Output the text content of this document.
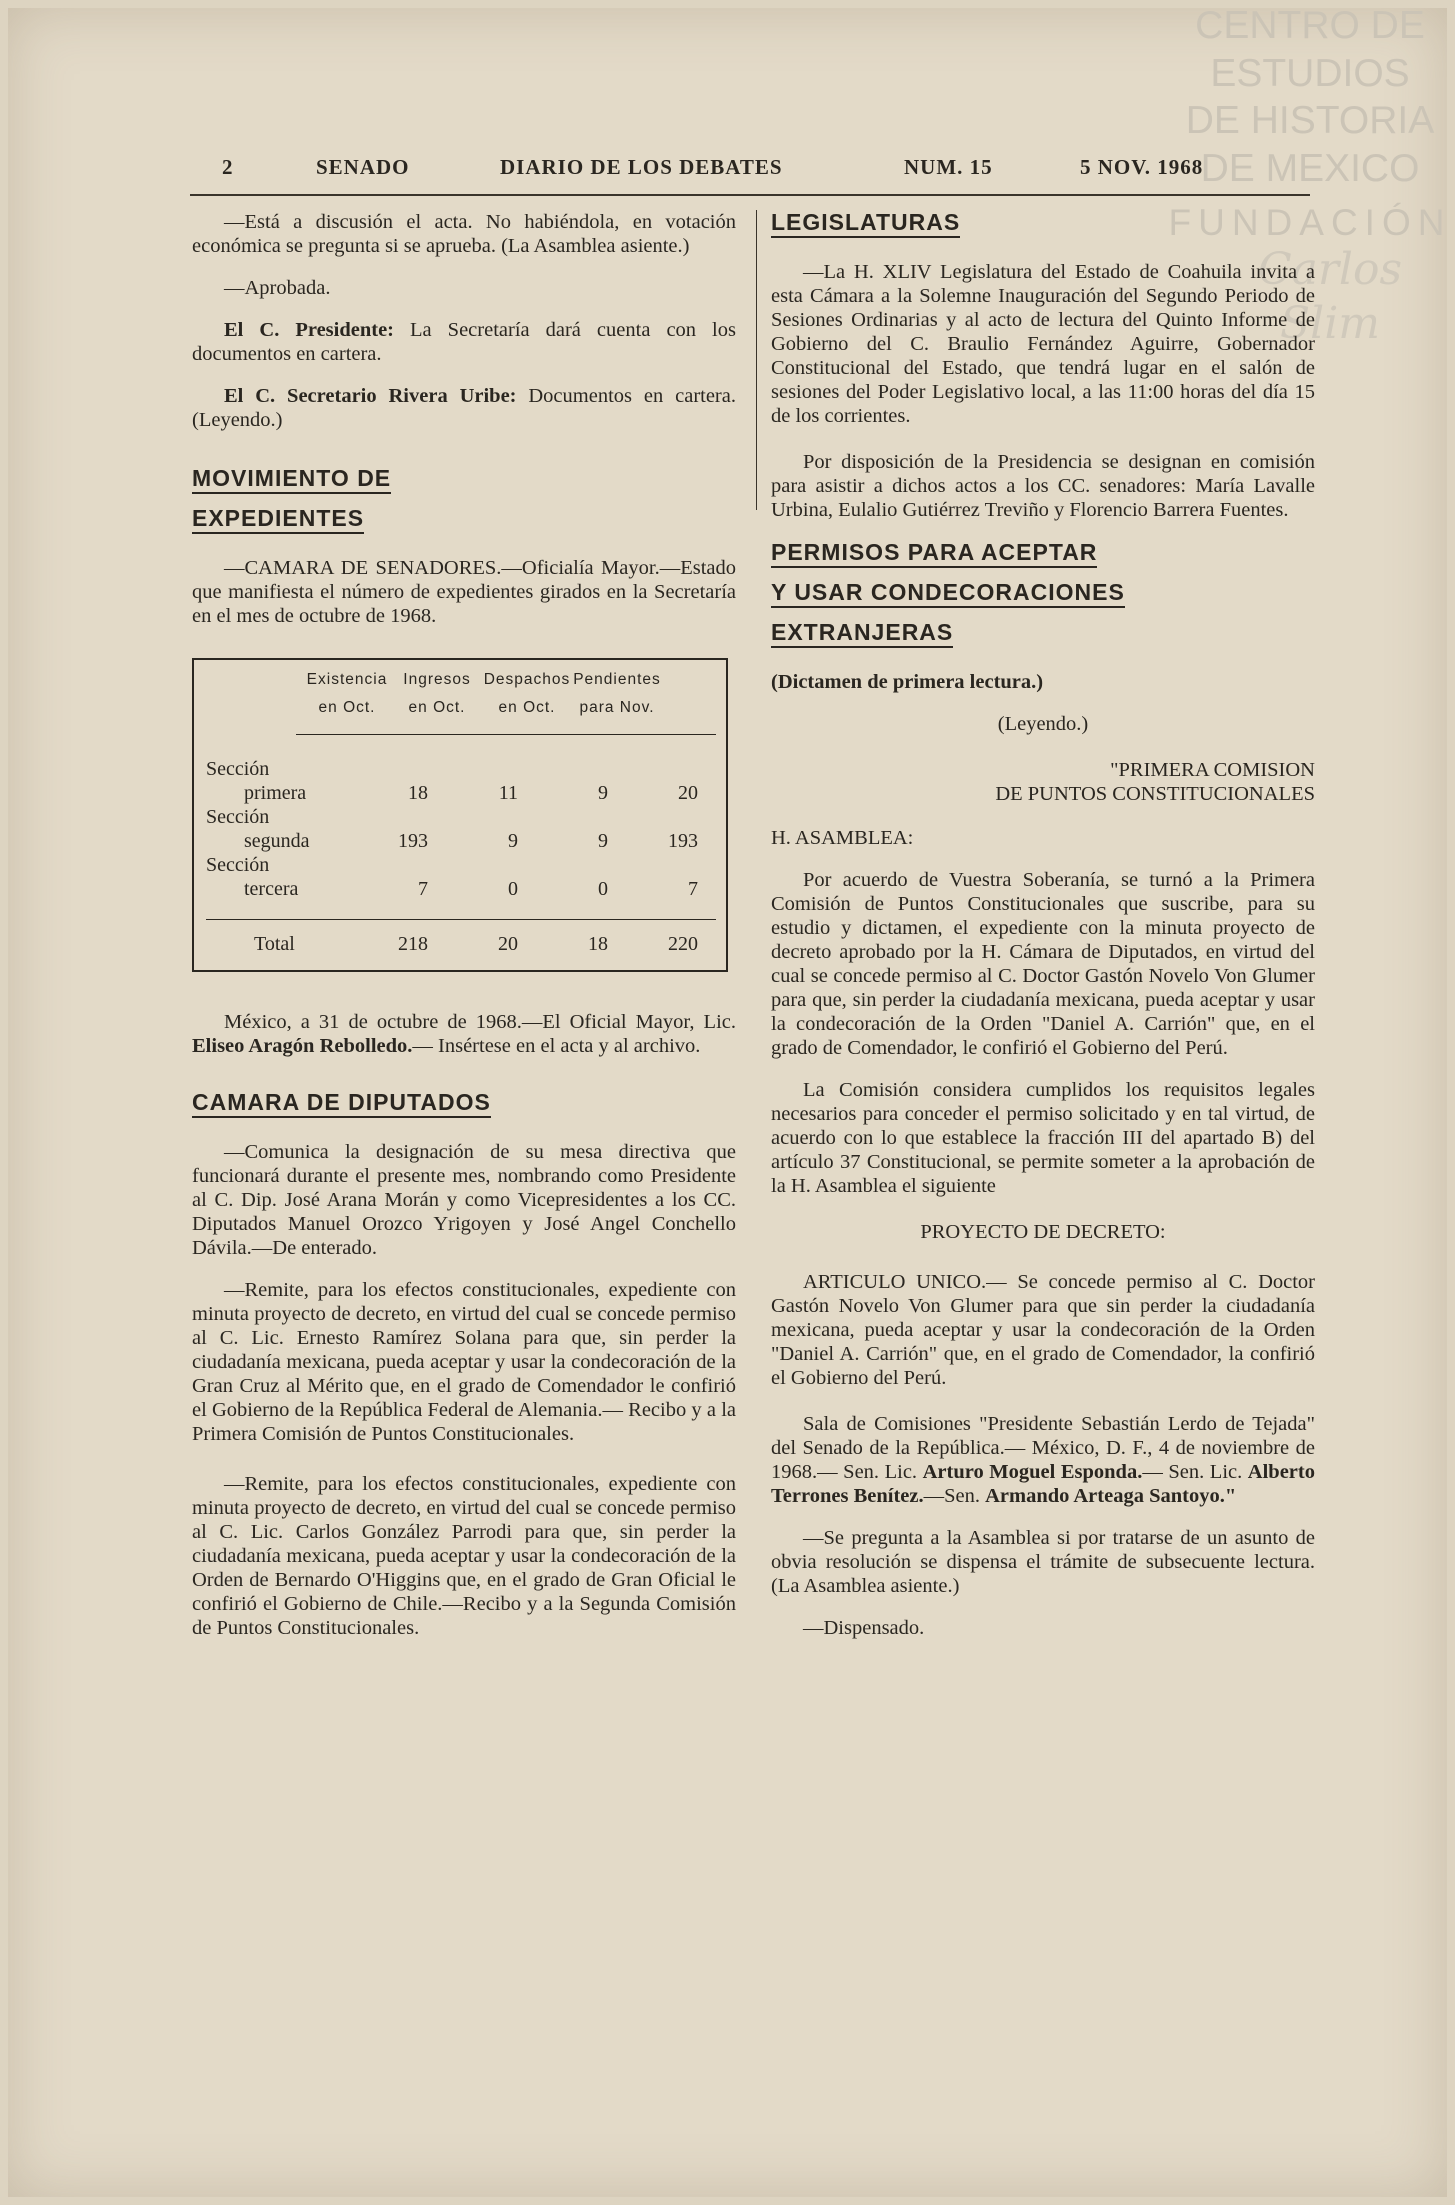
CENTRO DE
ESTUDIOS
DE HISTORIA
DE MEXICO
FUNDACIÓN
Carlos Slim
2	SENADO	DIARIO DE LOS DEBATES	NUM. 15	5 NOV. 1968

—Está a discusión el acta. No habiéndola, en votación económica se pregunta si se aprueba. (La Asamblea asiente.)

—Aprobada.

El C. Presidente: La Secretaría dará cuenta con los documentos en cartera.

El C. Secretario Rivera Uribe: Documentos en cartera. (Leyendo.)

MOVIMIENTO DE
EXPEDIENTES

—CAMARA DE SENADORES.—Oficialía Mayor.—Estado que manifiesta el número de expedientes girados en la Secretaría en el mes de octubre de 1968.

Existencia	Ingresos Despachos Pendientes
en Oct.	en Oct.	en Oct.	para Nov.
Sección
primera	18	11	9	20
Sección
segunda	193	9	9	193
Sección
tercera	7	0	0	7
Total	218	20	18	220

México, a 31 de octubre de 1968.—El Oficial Mayor, Lic. Eliseo Aragón Rebolledo.— Insértese en el acta y al archivo.

CAMARA DE DIPUTADOS

—Comunica la designación de su mesa directiva que funcionará durante el presente mes, nombrando como Presidente al C. Dip. José Arana Morán y como Vicepresidentes a los CC. Diputados Manuel Orozco Yrigoyen y José Angel Conchello Dávila.—De enterado.

—Remite, para los efectos constitucionales, expediente con minuta proyecto de decreto, en virtud del cual se concede permiso al C. Lic. Ernesto Ramírez Solana para que, sin perder la ciudadanía mexicana, pueda aceptar y usar la condecoración de la Gran Cruz al Mérito que, en el grado de Comendador le confirió el Gobierno de la República Federal de Alemania.— Recibo y a la Primera Comisión de Puntos Constitucionales.

—Remite, para los efectos constitucionales, expediente con minuta proyecto de decreto, en virtud del cual se concede permiso al C. Lic. Carlos González Parrodi para que, sin perder la ciudadanía mexicana, pueda aceptar y usar la condecoración de la Orden de Bernardo O'Higgins que, en el grado de Gran Oficial le confirió el Gobierno de Chile.—Recibo y a la Segunda Comisión de Puntos Constitucionales.

LEGISLATURAS

—La H. XLIV Legislatura del Estado de Coahuila invita a esta Cámara a la Solemne Inauguración del Segundo Periodo de Sesiones Ordinarias y al acto de lectura del Quinto Informe de Gobierno del C. Braulio Fernández Aguirre, Gobernador Constitucional del Estado, que tendrá lugar en el salón de sesiones del Poder Legislativo local, a las 11:00 horas del día 15 de los corrientes.

Por disposición de la Presidencia se designan en comisión para asistir a dichos actos a los CC. senadores: María Lavalle Urbina, Eulalio Gutiérrez Treviño y Florencio Barrera Fuentes.

PERMISOS PARA ACEPTAR
Y USAR CONDECORACIONES
EXTRANJERAS

(Dictamen de primera lectura.)

(Leyendo.)

"PRIMERA COMISION
DE PUNTOS CONSTITUCIONALES

H. ASAMBLEA:

Por acuerdo de Vuestra Soberanía, se turnó a la Primera Comisión de Puntos Constitucionales que suscribe, para su estudio y dictamen, el expediente con la minuta proyecto de decreto aprobado por la H. Cámara de Diputados, en virtud del cual se concede permiso al C. Doctor Gastón Novelo Von Glumer para que, sin perder la ciudadanía mexicana, pueda aceptar y usar la condecoración de la Orden "Daniel A. Carrión" que, en el grado de Comendador, le confirió el Gobierno del Perú.

La Comisión considera cumplidos los requisitos legales necesarios para conceder el permiso solicitado y en tal virtud, de acuerdo con lo que establece la fracción III del apartado B) del artículo 37 Constitucional, se permite someter a la aprobación de la H. Asamblea el siguiente

PROYECTO DE DECRETO:

ARTICULO UNICO.— Se concede permiso al C. Doctor Gastón Novelo Von Glumer para que sin perder la ciudadanía mexicana, pueda aceptar y usar la condecoración de la Orden "Daniel A. Carrión" que, en el grado de Comendador, la confirió el Gobierno del Perú.

Sala de Comisiones "Presidente Sebastián Lerdo de Tejada" del Senado de la República.— México, D. F., 4 de noviembre de 1968.— Sen. Lic. Arturo Moguel Esponda.— Sen. Lic. Alberto Terrones Benítez.—Sen. Armando Arteaga Santoyo."

—Se pregunta a la Asamblea si por tratarse de un asunto de obvia resolución se dispensa el trámite de subsecuente lectura. (La Asamblea asiente.)

—Dispensado.
